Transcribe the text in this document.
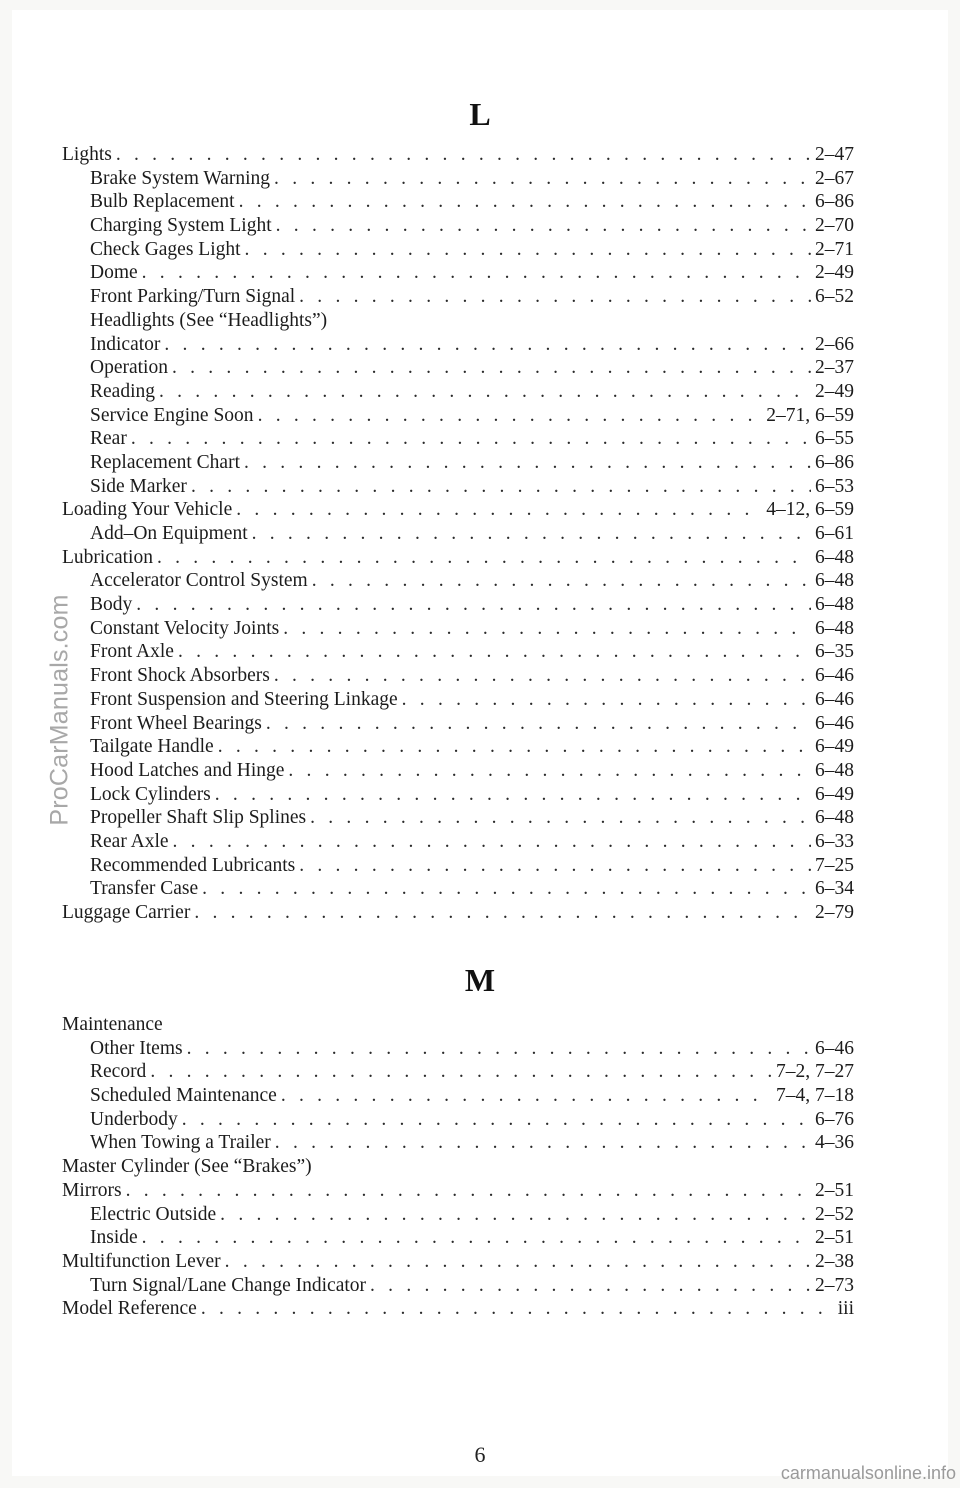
ProCarManuals.com
L
Lights . . .	2–47
Brake System Warning . . .	2–67
Bulb Replacement . . .	6–86
Charging System Light . . .	2–70
Check Gages Light . . .	2–71
Dome . . .	2–49
Front Parking/Turn Signal . . .	6–52
Headlights (See “Headlights”)
Indicator . . .	2–66
Operation . . .	2–37
Reading . . .	2–49
Service Engine Soon . . .	2–71, 6–59
Rear . . .	6–55
Replacement Chart . . .	6–86
Side Marker . . .	6–53
Loading Your Vehicle . . .	4–12, 6–59
Add–On Equipment . . .	6–61
Lubrication . . .	6–48
Accelerator Control System . . .	6–48
Body . . .	6–48
Constant Velocity Joints . . .	6–48
Front Axle . . .	6–35
Front Shock Absorbers . . .	6–46
Front Suspension and Steering Linkage . . .	6–46
Front Wheel Bearings . . .	6–46
Tailgate Handle . . .	6–49
Hood Latches and Hinge . . .	6–48
Lock Cylinders . . .	6–49
Propeller Shaft Slip Splines . . .	6–48
Rear Axle . . .	6–33
Recommended Lubricants . . .	7–25
Transfer Case . . .	6–34
Luggage Carrier . . .	2–79
M
Maintenance
Other Items . . .	6–46
Record . . .	7–2, 7–27
Scheduled Maintenance . . .	7–4, 7–18
Underbody . . .	6–76
When Towing a Trailer . . .	4–36
Master Cylinder (See “Brakes”)
Mirrors . . .	2–51
Electric Outside . . .	2–52
Inside . . .	2–51
Multifunction Lever . . .	2–38
Turn Signal/Lane Change Indicator . . .	2–73
Model Reference . . .	iii
6
carmanualsonline.info
